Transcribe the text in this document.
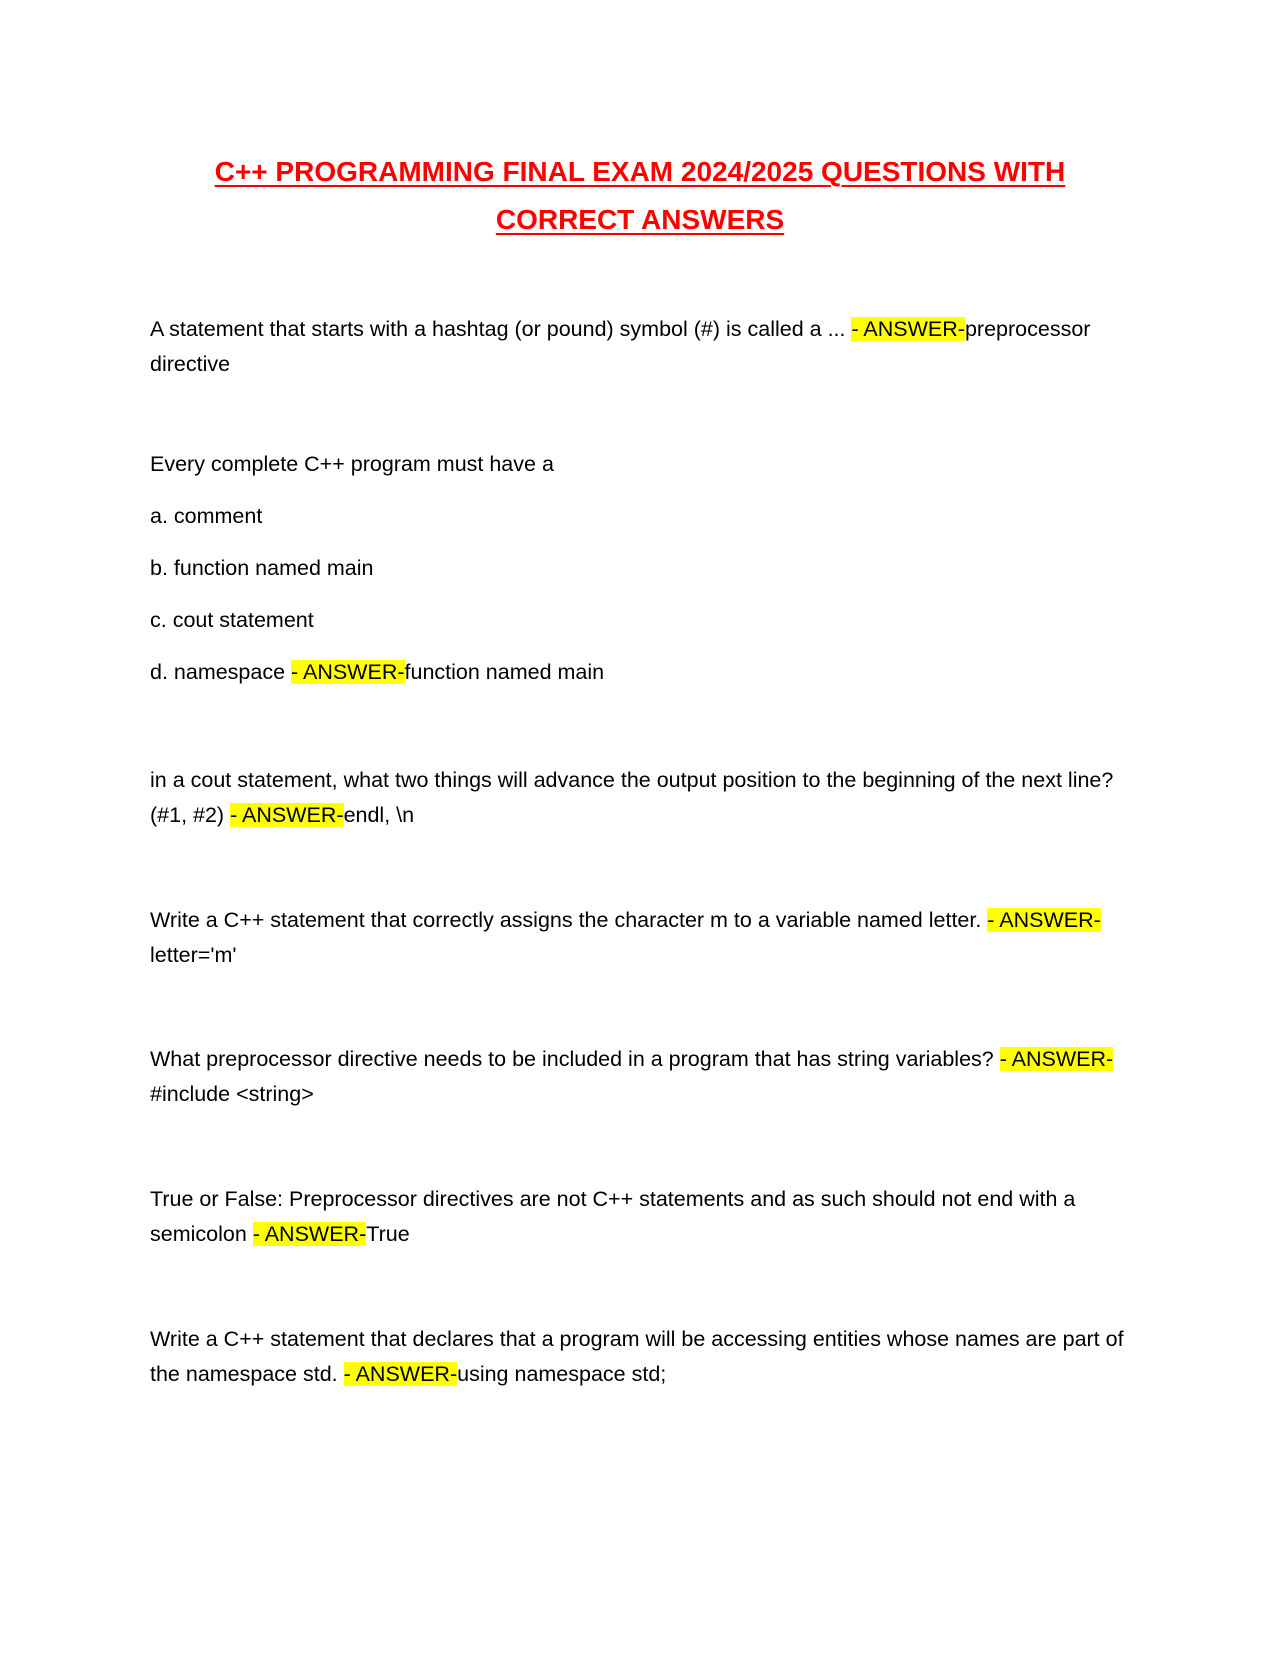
C++ PROGRAMMING FINAL EXAM 2024/2025 QUESTIONS WITH
CORRECT ANSWERS

A statement that starts with a hashtag (or pound) symbol (#) is called a ... - ANSWER-preprocessor directive

Every complete C++ program must have a
a. comment
b. function named main
c. cout statement
d. namespace - ANSWER-function named main

in a cout statement, what two things will advance the output position to the beginning of the next line? (#1, #2) - ANSWER-endl, \n

Write a C++ statement that correctly assigns the character m to a variable named letter. - ANSWER-letter='m'

What preprocessor directive needs to be included in a program that has string variables? - ANSWER-#include <string>

True or False: Preprocessor directives are not C++ statements and as such should not end with a semicolon - ANSWER-True

Write a C++ statement that declares that a program will be accessing entities whose names are part of the namespace std. - ANSWER-using namespace std;
